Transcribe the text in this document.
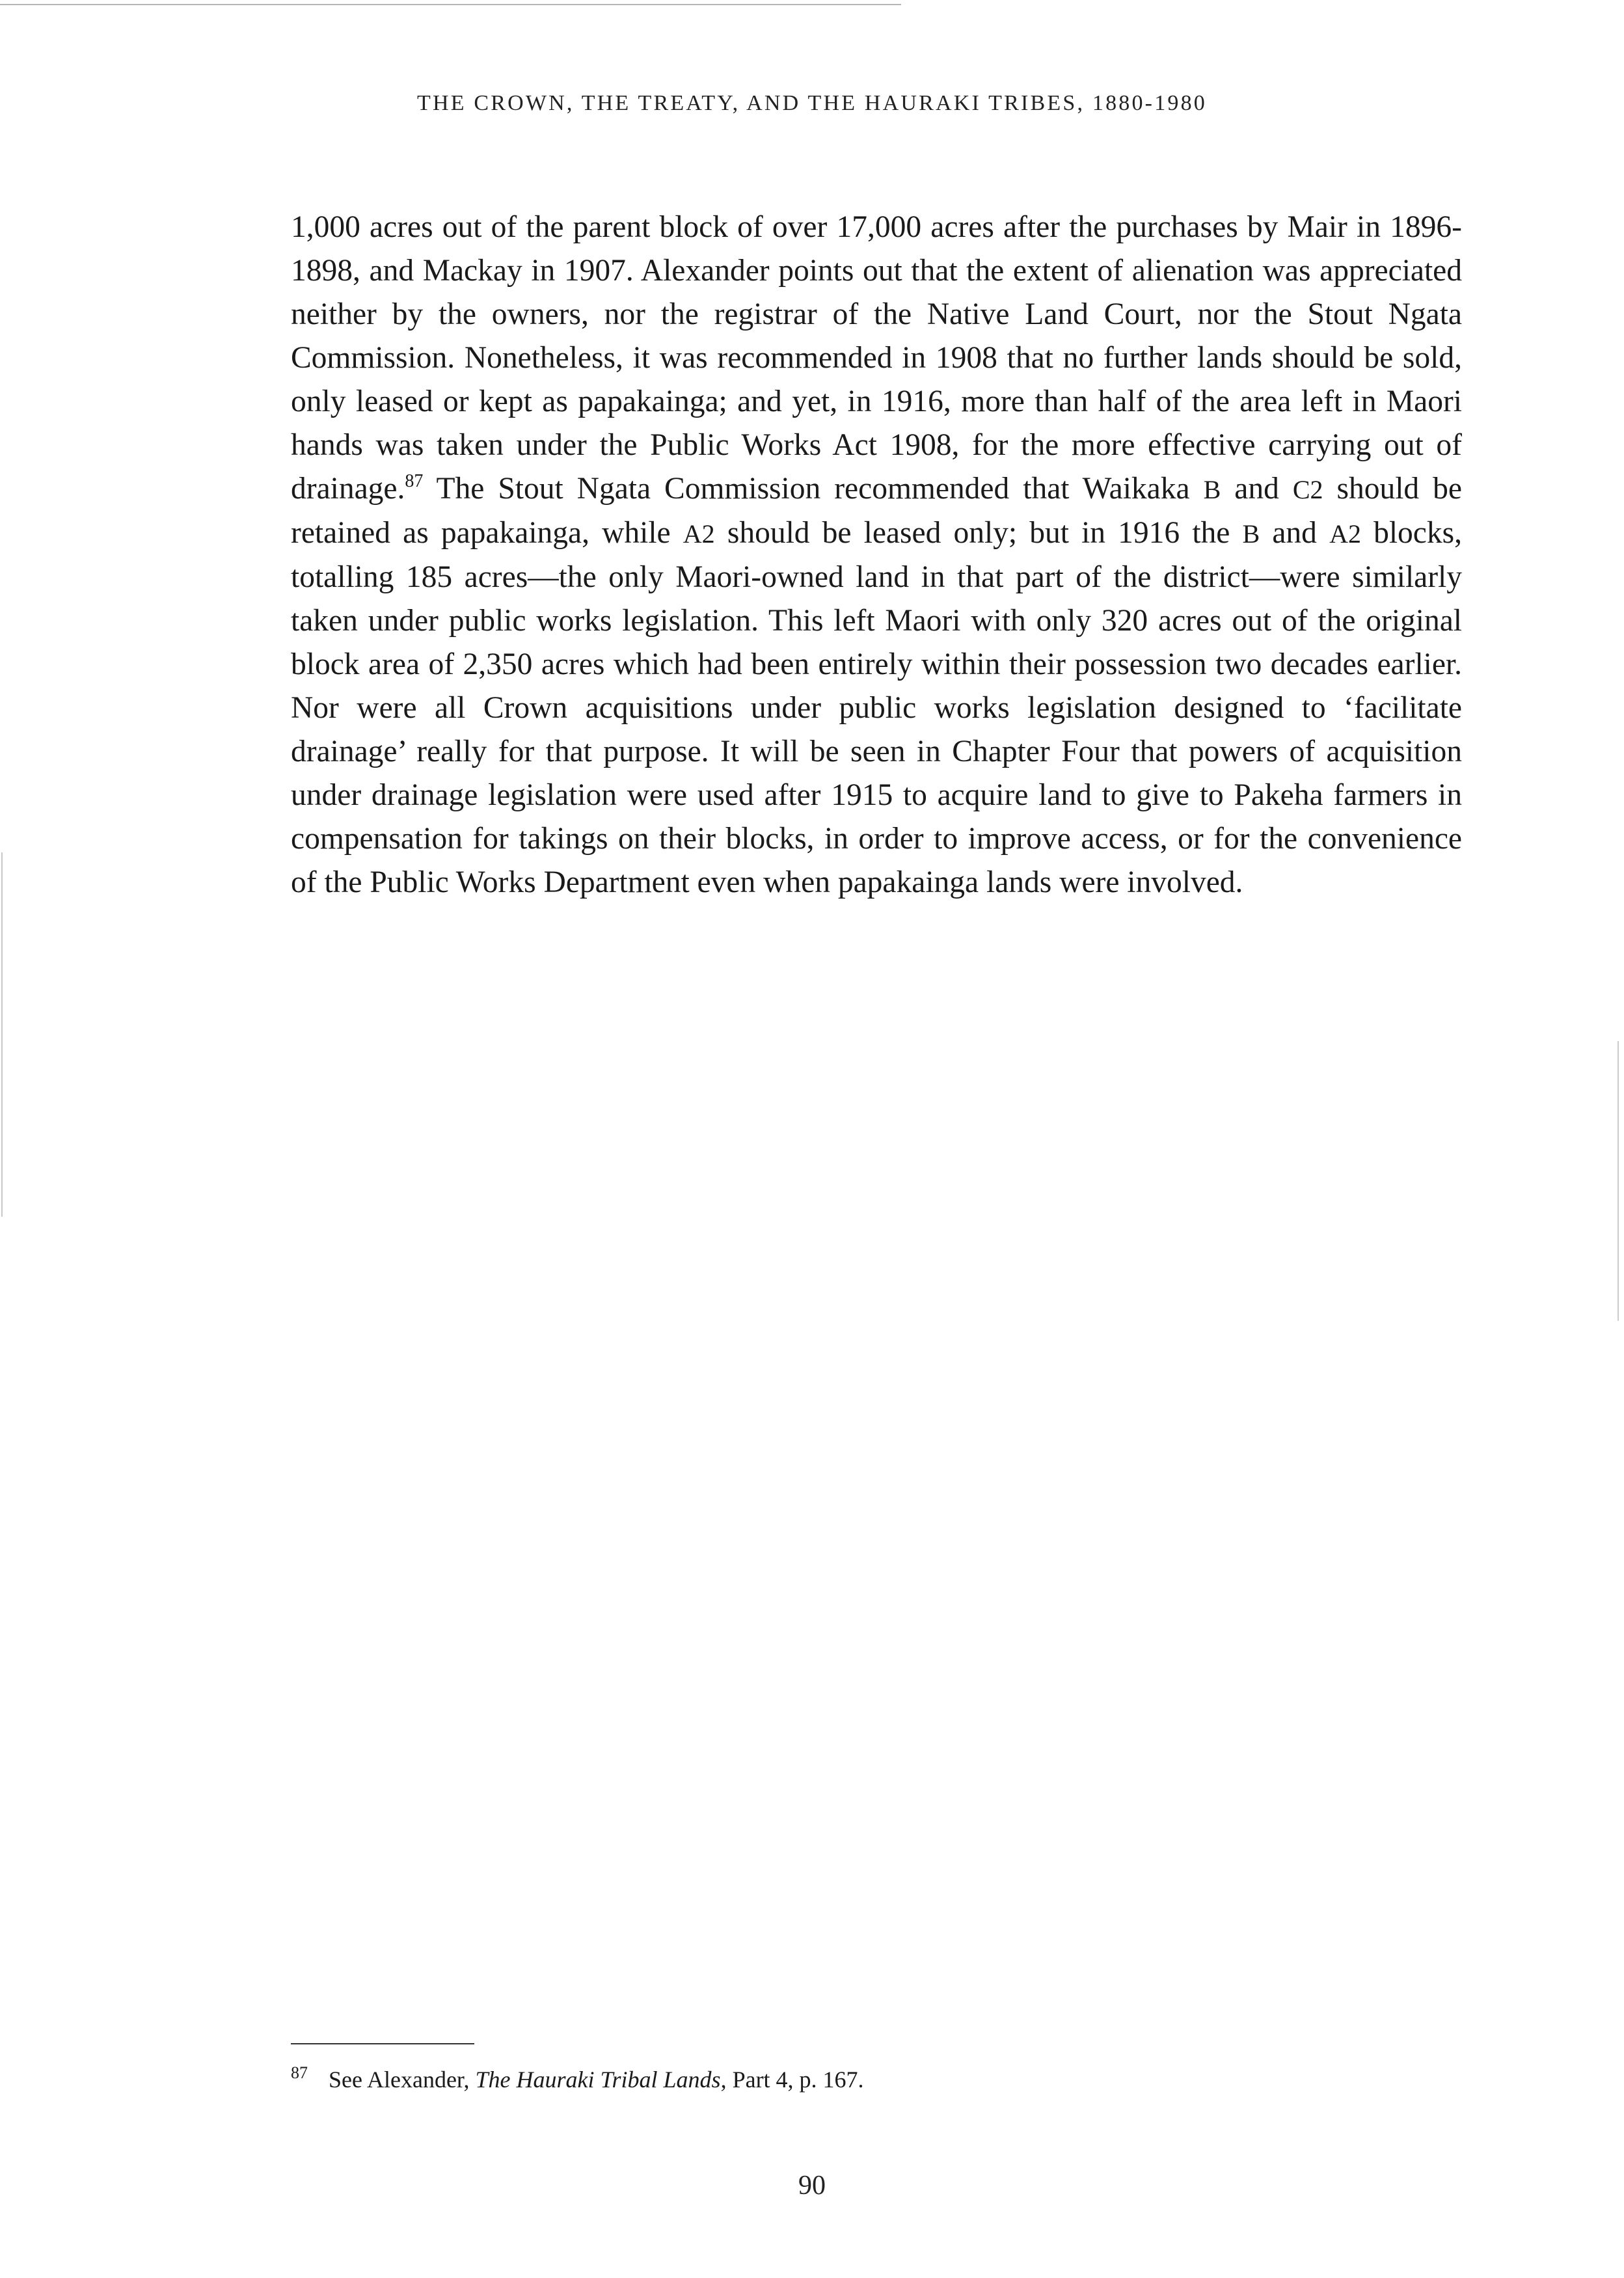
THE CROWN, THE TREATY, AND THE HAURAKI TRIBES, 1880-1980

1,000 acres out of the parent block of over 17,000 acres after the purchases by Mair in 1896-1898, and Mackay in 1907. Alexander points out that the extent of alienation was appreciated neither by the owners, nor the registrar of the Native Land Court, nor the Stout Ngata Commission. Nonetheless, it was recommended in 1908 that no further lands should be sold, only leased or kept as papakainga; and yet, in 1916, more than half of the area left in Maori hands was taken under the Public Works Act 1908, for the more effective carrying out of drainage.$^{87}$ The Stout Ngata Commission recommended that Waikaka B and C2 should be retained as papakainga, while A2 should be leased only; but in 1916 the B and A2 blocks, totalling 185 acres—the only Maori-owned land in that part of the district—were similarly taken under public works legislation. This left Maori with only 320 acres out of the original block area of 2,350 acres which had been entirely within their possession two decades earlier. Nor were all Crown acquisitions under public works legislation designed to ‘facilitate drainage’ really for that purpose. It will be seen in Chapter Four that powers of acquisition under drainage legislation were used after 1915 to acquire land to give to Pakeha farmers in compensation for takings on their blocks, in order to improve access, or for the convenience of the Public Works Department even when papakainga lands were involved.

87 See Alexander, The Hauraki Tribal Lands, Part 4, p. 167.
90
